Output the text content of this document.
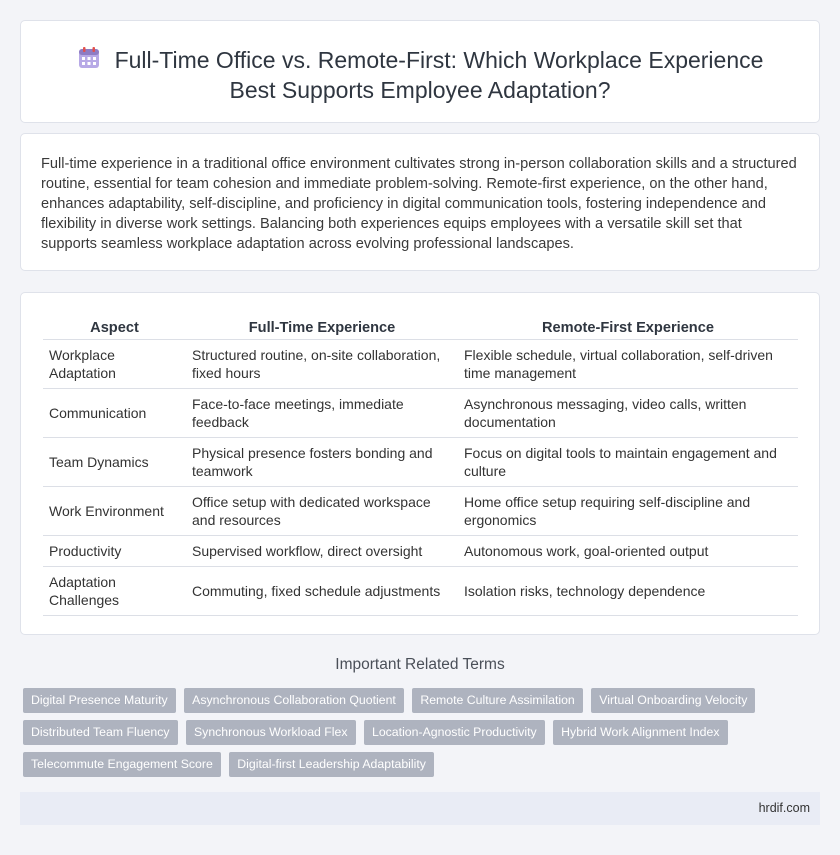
Full-Time Office vs. Remote-First: Which Workplace Experience Best Supports Employee Adaptation?

Full-time experience in a traditional office environment cultivates strong in-person collaboration skills and a structured routine, essential for team cohesion and immediate problem-solving. Remote-first experience, on the other hand, enhances adaptability, self-discipline, and proficiency in digital communication tools, fostering independence and flexibility in diverse work settings. Balancing both experiences equips employees with a versatile skill set that supports seamless workplace adaptation across evolving professional landscapes.

Aspect	Full-Time Experience	Remote-First Experience
Workplace Adaptation	Structured routine, on-site collaboration, fixed hours	Flexible schedule, virtual collaboration, self-driven time management
Communication	Face-to-face meetings, immediate feedback	Asynchronous messaging, video calls, written documentation
Team Dynamics	Physical presence fosters bonding and teamwork	Focus on digital tools to maintain engagement and culture
Work Environment	Office setup with dedicated workspace and resources	Home office setup requiring self-discipline and ergonomics
Productivity	Supervised workflow, direct oversight	Autonomous work, goal-oriented output
Adaptation Challenges	Commuting, fixed schedule adjustments	Isolation risks, technology dependence
Important Related Terms
Digital Presence Maturity Asynchronous Collaboration Quotient Remote Culture Assimilation Virtual Onboarding Velocity Distributed Team Fluency Synchronous Workload Flex Location-Agnostic Productivity Hybrid Work Alignment Index Telecommute Engagement Score Digital-first Leadership Adaptability
hrdif.com
